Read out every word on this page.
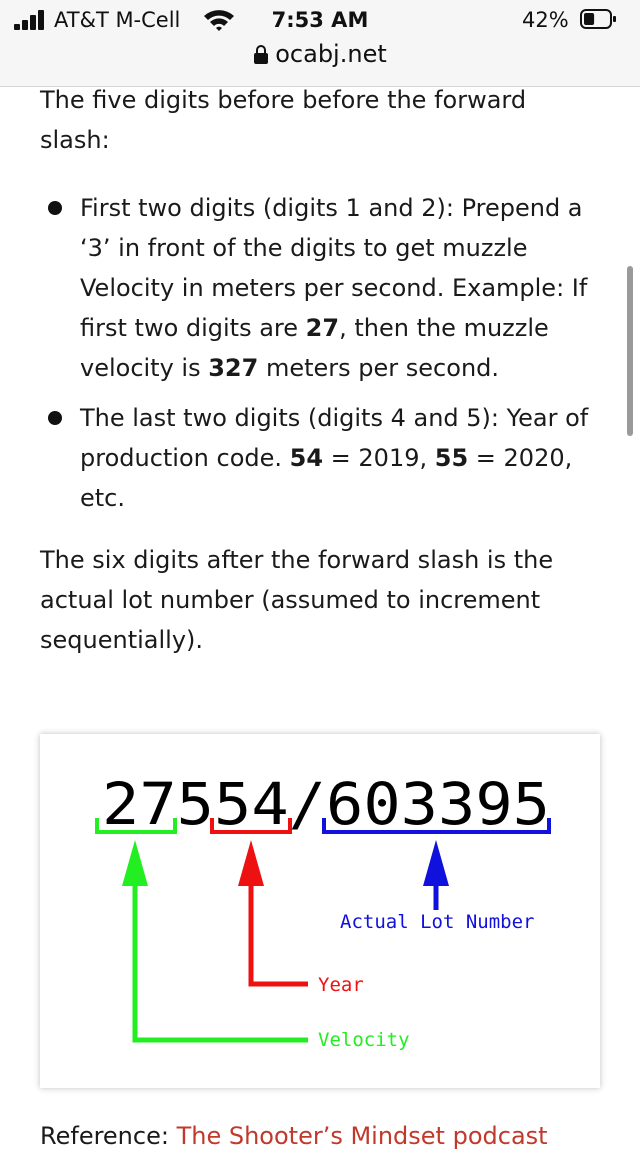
AT&T M-Cell	7:53 AM	42%
ocabj.net

The five digits before before the forward slash:

First two digits (digits 1 and 2): Prepend a ‘3’ in front of the digits to get muzzle Velocity in meters per second. Example: If first two digits are 27, then the muzzle velocity is 327 meters per second.
The last two digits (digits 4 and 5): Year of production code. 54 = 2019, 55 = 2020, etc.

The six digits after the forward slash is the actual lot number (assumed to increment sequentially).

27554 /603395
Velocity
Year
Actual Lot Number
Reference: The Shooter’s Mindset podcast
